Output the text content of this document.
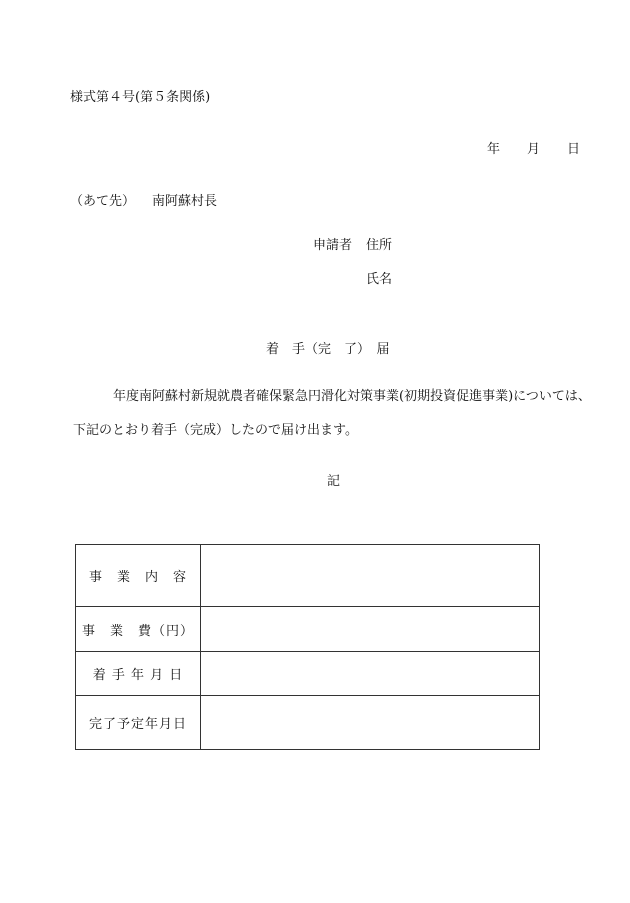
様式第４号(第５条関係)
年 月 日
（あて先） 南阿蘇村長
申請者 住所
氏名
着　手（完　了）　届
年度南阿蘇村新規就農者確保緊急円滑化対策事業(初期投資促進事業)については、
下記のとおり着手（完成）したので届け出ます。
記
事　業　内　容	
事　業　費（円）	
着 手 年 月 日	
完了予定年月日	
